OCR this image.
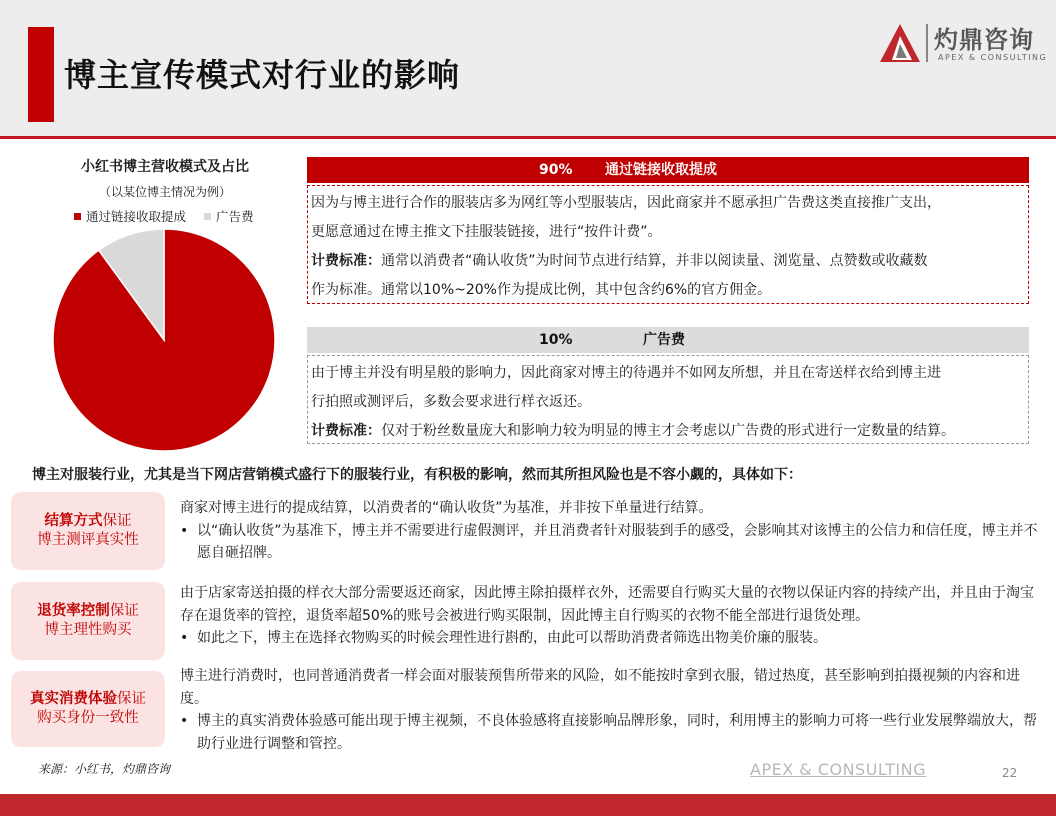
博主宣传模式对行业的影响
灼鼎咨询
APEX & CONSULTING
小红书博主营收模式及占比
（以某位博主情况为例）
通过链接收取提成 广告费
90% 通过链接收取提成
因为与博主进行合作的服装店多为网红等小型服装店，因此商家并不愿承担广告费这类直接推广支出，
更愿意通过在博主推文下挂服装链接，进行“按件计费”。
计费标准：通常以消费者“确认收货”为时间节点进行结算，并非以阅读量、浏览量、点赞数或收藏数
作为标准。通常以10%~20%作为提成比例，其中包含约6%的官方佣金。
10%	广告费
由于博主并没有明星般的影响力，因此商家对博主的待遇并不如网友所想，并且在寄送样衣给到博主进
行拍照或测评后，多数会要求进行样衣返还。
计费标准：仅对于粉丝数量庞大和影响力较为明显的博主才会考虑以广告费的形式进行一定数量的结算。
博主对服装行业，尤其是当下网店营销模式盛行下的服装行业，有积极的影响，然而其所担风险也是不容小觑的，具体如下：
结算方式保证
博主测评真实性
商家对博主进行的提成结算，以消费者的“确认收货”为基准，并非按下单量进行结算。
• 以“确认收货”为基准下，博主并不需要进行虚假测评，并且消费者针对服装到手的感受，会影响其对该博主的公信力和信任度，博主并不愿自砸招牌。
退货率控制保证
博主理性购买
由于店家寄送拍摄的样衣大部分需要返还商家，因此博主除拍摄样衣外，还需要自行购买大量的衣物以保证内容的持续产出，并且由于淘宝存在退货率的管控，退货率超50%的账号会被进行购买限制，因此博主自行购买的衣物不能全部进行退货处理。
• 如此之下，博主在选择衣物购买的时候会理性进行斟酌，由此可以帮助消费者筛选出物美价廉的服装。
真实消费体验保证
购买身份一致性
博主进行消费时，也同普通消费者一样会面对服装预售所带来的风险，如不能按时拿到衣服，错过热度，甚至影响到拍摄视频的内容和进度。
• 博主的真实消费体验感可能出现于博主视频，不良体验感将直接影响品牌形象，同时，利用博主的影响力可将一些行业发展弊端放大，帮助行业进行调整和管控。
来源：小红书，灼鼎咨询	APEX & CONSULTING	22
